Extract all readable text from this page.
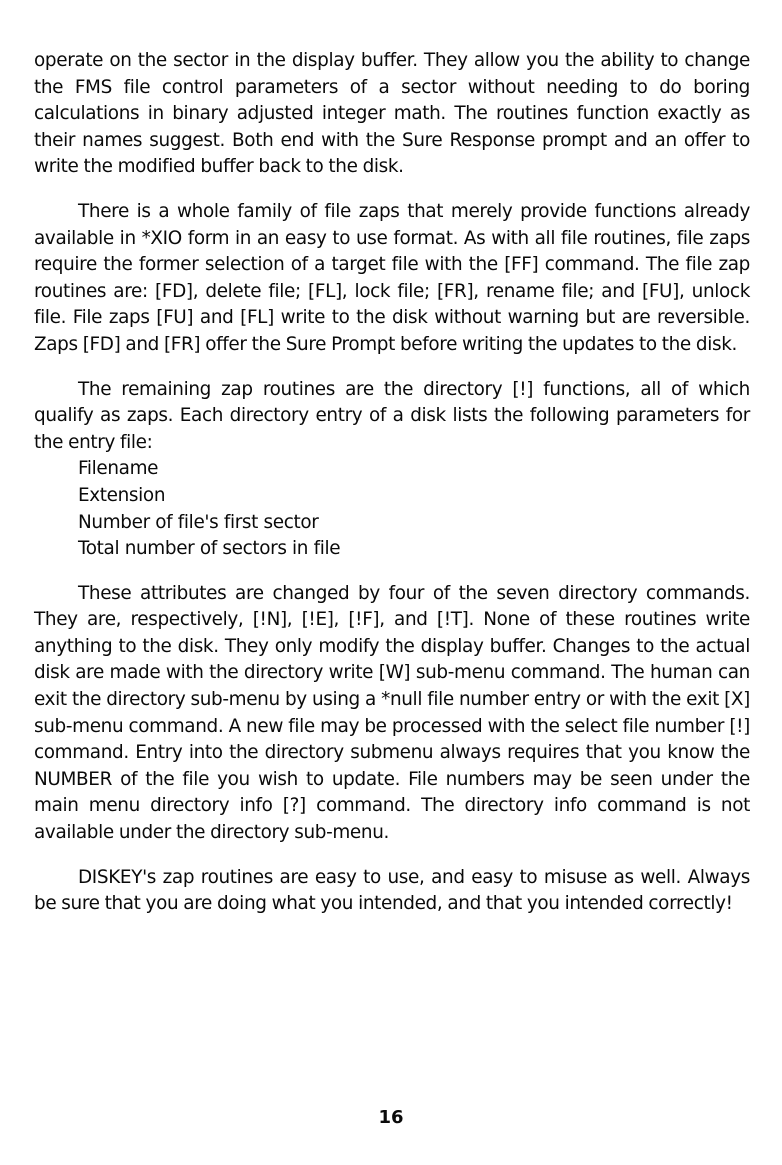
operate on the sector in the display buffer. They allow you the ability to change the FMS file control parameters of a sector without needing to do boring calculations in binary adjusted integer math. The routines function exactly as their names suggest. Both end with the Sure Response prompt and an offer to write the modified buffer back to the disk.

There is a whole family of file zaps that merely provide functions already available in *XIO form in an easy to use format. As with all file routines, file zaps require the former selection of a target file with the [FF] command. The file zap routines are: [FD], delete file; [FL], lock file; [FR], rename file; and [FU], unlock file. File zaps [FU] and [FL] write to the disk without warning but are reversible. Zaps [FD] and [FR] offer the Sure Prompt before writing the updates to the disk.

The remaining zap routines are the directory [!] functions, all of which qualify as zaps. Each directory entry of a disk lists the following parameters for the entry file:

Filename
Extension
Number of file's first sector
Total number of sectors in file

These attributes are changed by four of the seven directory commands. They are, respectively, [!N], [!E], [!F], and [!T]. None of these routines write anything to the disk. They only modify the display buffer. Changes to the actual disk are made with the directory write [W] sub-menu command. The human can exit the directory sub-menu by using a *null file number entry or with the exit [X] sub-menu command. A new file may be processed with the select file number [!] command. Entry into the directory submenu always requires that you know the NUMBER of the file you wish to update. File numbers may be seen under the main menu directory info [?] command. The directory info command is not available under the directory sub-menu.

DISKEY's zap routines are easy to use, and easy to misuse as well. Always be sure that you are doing what you intended, and that you intended correctly!

16
